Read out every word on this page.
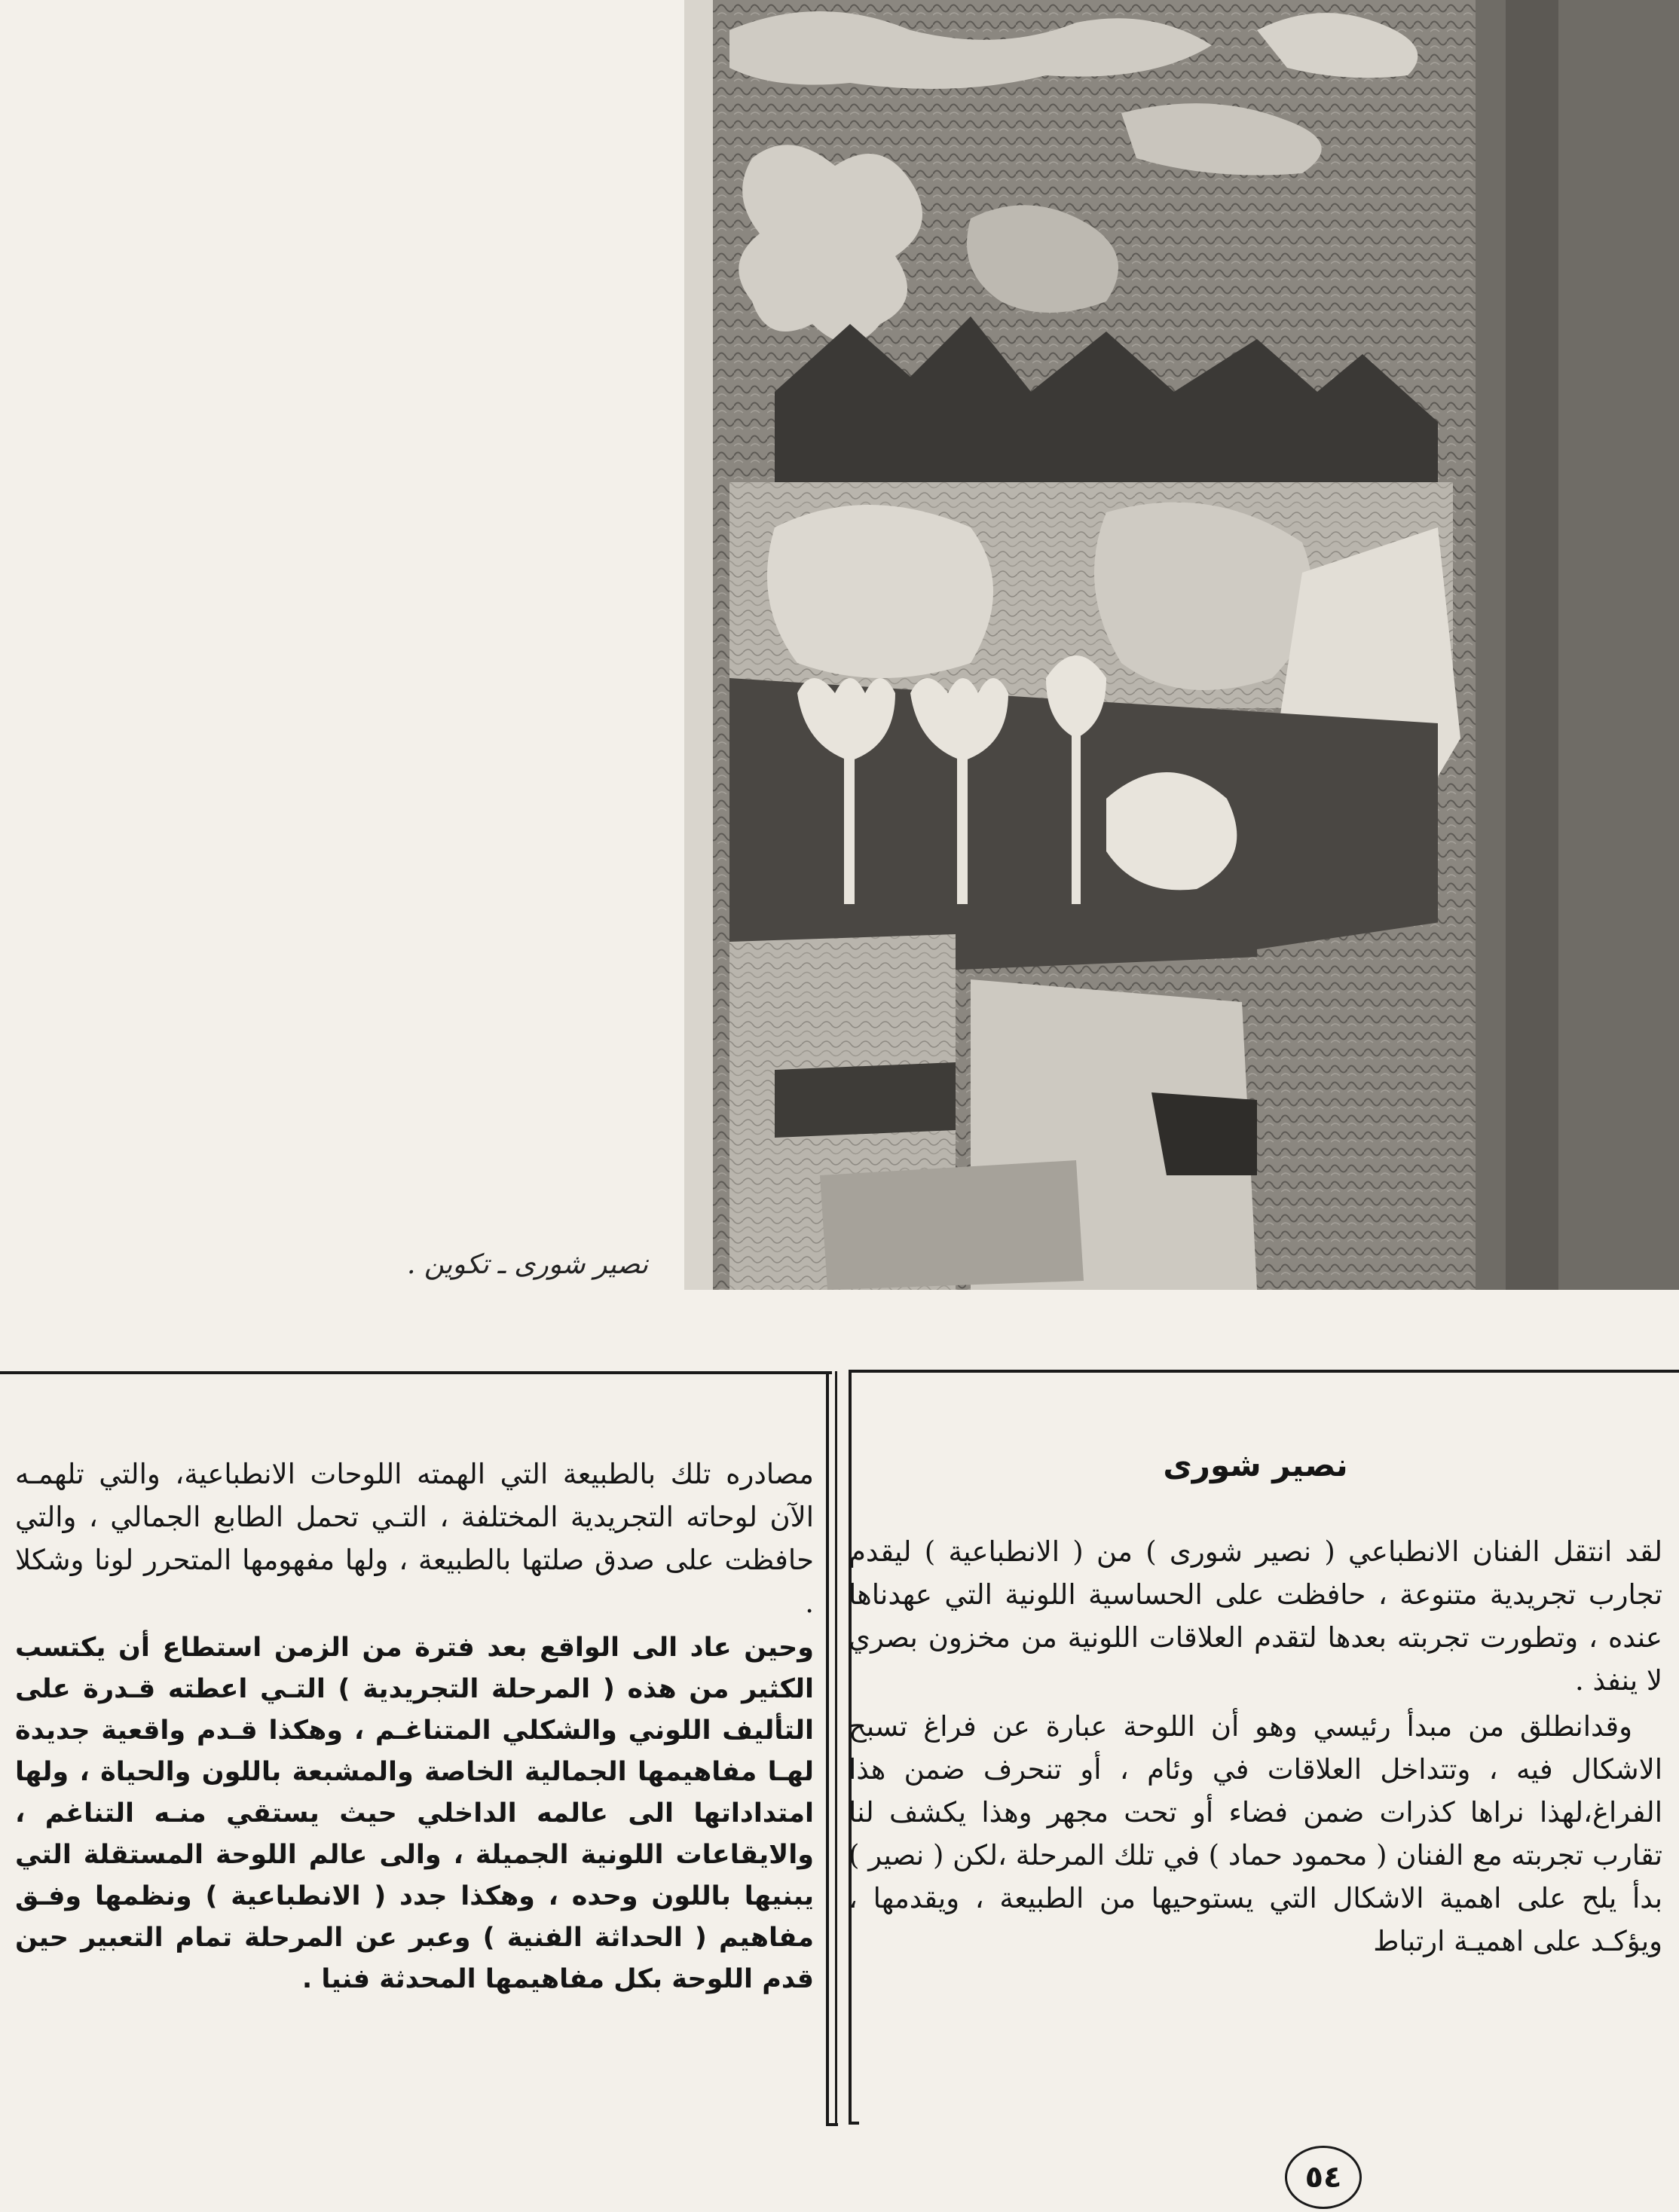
نصير شورى ـ تكوين .
نصير شورى

لقد انتقل الفنان الانطباعي ( نصير شورى ) من ( الانطباعية ) ليقدم تجارب تجريدية متنوعة ، حافظت على الحساسية اللونية التي عهدناها عنده ، وتطورت تجربته بعدها لتقدم العلاقات اللونية من مخزون بصري لا ينفذ .

وقدانطلق من مبدأ رئيسي وهو أن اللوحة عبارة عن فراغ تسبح الاشكال فيه ، وتتداخل العلاقات في وئام ، أو تنحرف ضمن هذا الفراغ،لهذا نراها كذرات ضمن فضاء أو تحت مجهر وهذا يكشف لنا تقارب تجربته مع الفنان ( محمود حماد ) في تلك المرحلة ،لكن ( نصير ) بدأ يلح على اهمية الاشكال التي يستوحيها من الطبيعة ، ويقدمها ، ويؤكـد على اهميـة ارتباط

مصادره تلك بالطبيعة التي الهمته اللوحات الانطباعية، والتي تلهمـه الآن لوحاته التجريدية المختلفة ، التـي تحمل الطابع الجمالي ، والتي حافظت على صدق صلتها بالطبيعة ، ولها مفهومها المتحرر لونا وشكلا .

وحين عاد الى الواقع بعد فترة من الزمن استطاع أن يكتسب الكثير من هذه ( المرحلة التجريدية ) التـي اعطته قـدرة على التأليف اللوني والشكلي المتناغـم ، وهكذا قـدم واقعية جديدة لهـا مفاهيمها الجمالية الخاصة والمشبعة باللون والحياة ، ولها امتداداتها الى عالمه الداخلي حيث يستقي منـه التناغم ، والايقاعات اللونية الجميلة ، والى عالم اللوحة المستقلة التي يبنيها باللون وحده ، وهكذا جدد ( الانطباعية ) ونظمها وفـق مفاهيم ( الحداثة الفنية ) وعبر عن المرحلة تمام التعبير حين قدم اللوحة بكل مفاهيمها المحدثة فنيا .

٥٤
